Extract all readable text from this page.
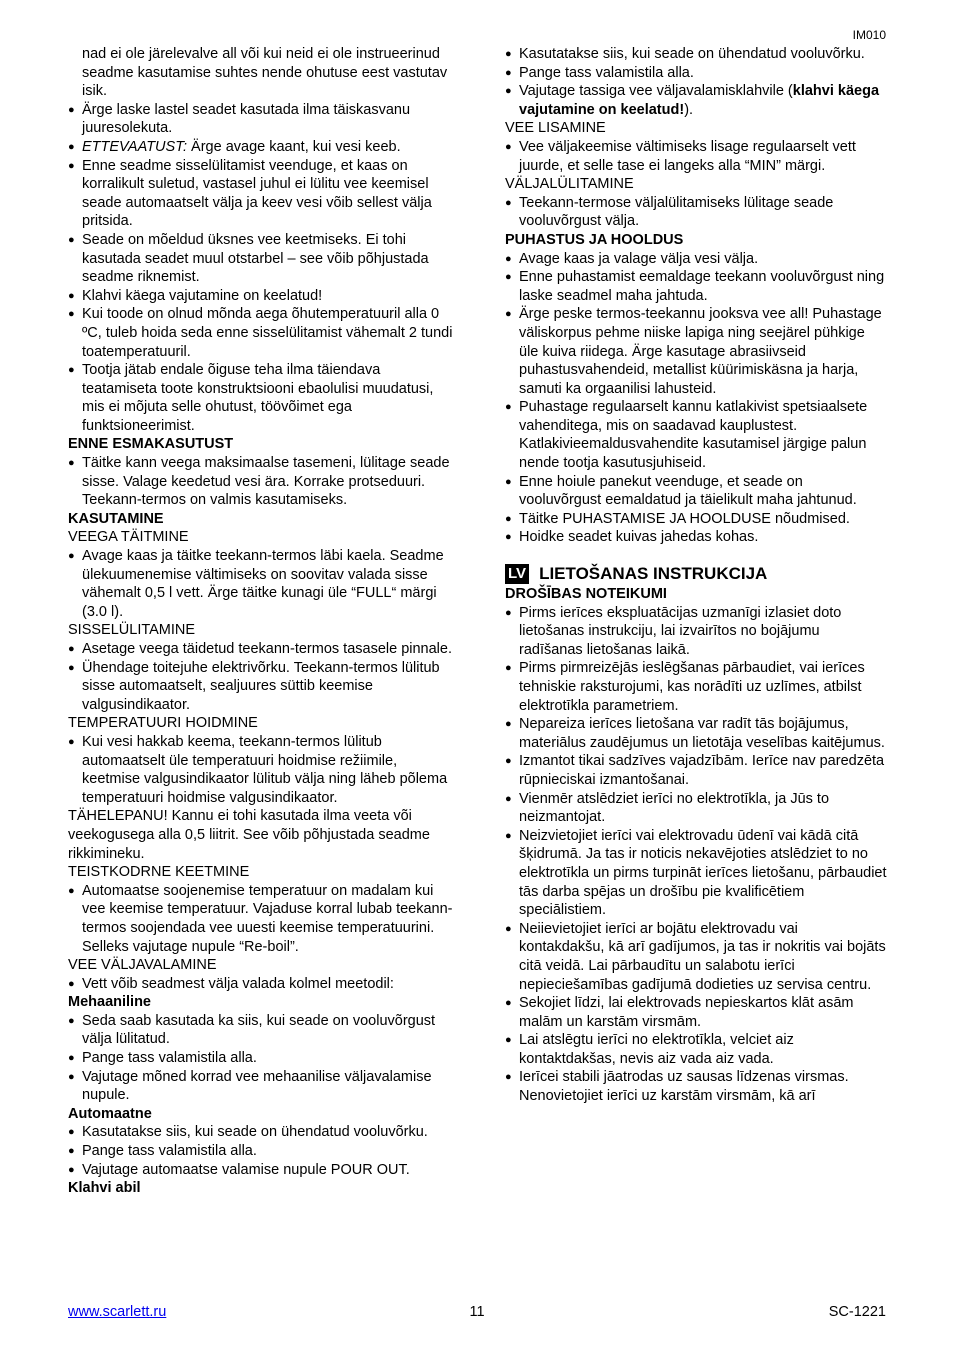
IM010
nad ei ole järelevalve all või kui neid ei ole instrueerinud seadme kasutamise suhtes nende ohutuse eest vastutav isik.
● Ärge laske lastel seadet kasutada ilma täiskasvanu juuresolekuta.
● ETTEVAATUST: Ärge avage kaant, kui vesi keeb.
● Enne seadme sisselülitamist veenduge, et kaas on korralikult suletud, vastasel juhul ei lülitu vee keemisel seade automaatselt välja ja keev vesi võib sellest välja pritsida.
● Seade on mõeldud üksnes vee keetmiseks. Ei tohi kasutada seadet muul otstarbel – see võib põhjustada seadme riknemist.
● Klahvi käega vajutamine on keelatud!
● Kui toode on olnud mõnda aega õhutemperatuuril alla 0 ºC, tuleb hoida seda enne sisselülitamist vähemalt 2 tundi toatemperatuuril.
● Tootja jätab endale õiguse teha ilma täiendava teatamiseta toote konstruktsiooni ebaolulisi muudatusi, mis ei mõjuta selle ohutust, töövõimet ega funktsioneerimist.

ENNE ESMAKASUTUST

● Täitke kann veega maksimaalse tasemeni, lülitage seade sisse. Valage keedetud vesi ära. Korrake protseduuri. Teekann-termos on valmis kasutamiseks.

KASUTAMINE

VEEGA TÄITMINE

● Avage kaas ja täitke teekann-termos läbi kaela. Seadme ülekuumenemise vältimiseks on soovitav valada sisse vähemalt 0,5 l vett. Ärge täitke kunagi üle “FULL“ märgi (3.0 l).

SISSELÜLITAMINE

● Asetage veega täidetud teekann-termos tasasele pinnale.
● Ühendage toitejuhe elektrivõrku. Teekann-termos lülitub sisse automaatselt, sealjuures süttib keemise valgusindikaator.

TEMPERATUURI HOIDMINE

● Kui vesi hakkab keema, teekann-termos lülitub automaatselt üle temperatuuri hoidmise režiimile, keetmise valgusindikaator lülitub välja ning läheb põlema temperatuuri hoidmise valgusindikaator.

TÄHELEPANU! Kannu ei tohi kasutada ilma veeta või veekogusega alla 0,5 liitrit. See võib põhjustada seadme rikkimineku.

TEISTKODRNE KEETMINE

● Automaatse soojenemise temperatuur on madalam kui vee keemise temperatuur. Vajaduse korral lubab teekann-termos soojendada vee uuesti keemise temperatuurini. Selleks vajutage nupule “Re-boil”.

VEE VÄLJAVALAMINE

● Vett võib seadmest välja valada kolmel meetodil:

Mehaaniline

● Seda saab kasutada ka siis, kui seade on vooluvõrgust välja lülitatud.
● Pange tass valamistila alla.
● Vajutage mõned korrad vee mehaanilise väljavalamise nupule.

Automaatne

● Kasutatakse siis, kui seade on ühendatud vooluvõrku.
● Pange tass valamistila alla.
● Vajutage automaatse valamise nupule POUR OUT.

Klahvi abil

● Kasutatakse siis, kui seade on ühendatud vooluvõrku.
● Pange tass valamistila alla.
● Vajutage tassiga vee väljavalamisklahvile (klahvi käega vajutamine on keelatud!).

VEE LISAMINE

● Vee väljakeemise vältimiseks lisage regulaarselt vett juurde, et selle tase ei langeks alla “MIN” märgi.

VÄLJALÜLITAMINE

● Teekann-termose väljalülitamiseks lülitage seade vooluvõrgust välja.

PUHASTUS JA HOOLDUS

● Avage kaas ja valage välja vesi välja.
● Enne puhastamist eemaldage teekann vooluvõrgust ning laske seadmel maha jahtuda.
● Ärge peske termos-teekannu jooksva vee all! Puhastage väliskorpus pehme niiske lapiga ning seejärel pühkige üle kuiva riidega. Ärge kasutage abrasiivseid puhastusvahendeid, metallist küürimiskäsna ja harja, samuti ka orgaanilisi lahusteid.
● Puhastage regulaarselt kannu katlakivist spetsiaalsete vahenditega, mis on saadavad kauplustest. Katlakivieemaldusvahendite kasutamisel järgige palun nende tootja kasutusjuhiseid.
● Enne hoiule panekut veenduge, et seade on vooluvõrgust eemaldatud ja täielikult maha jahtunud.
● Täitke PUHASTAMISE JA HOOLDUSE nõudmised.
● Hoidke seadet kuivas jahedas kohas.
LV LIETOŠANAS INSTRUKCIJA

DROŠĪBAS NOTEIKUMI

● Pirms ierīces ekspluatācijas uzmanīgi izlasiet doto lietošanas instrukciju, lai izvairītos no bojājumu radīšanas lietošanas laikā.
● Pirms pirmreizējās ieslēgšanas pārbaudiet, vai ierīces tehniskie raksturojumi, kas norādīti uz uzlīmes, atbilst elektrotīkla parametriem.
● Nepareiza ierīces lietošana var radīt tās bojājumus, materiālus zaudējumus un lietotāja veselības kaitējumus.
● Izmantot tikai sadzīves vajadzībām. Ierīce nav paredzēta rūpnieciskai izmantošanai.
● Vienmēr atslēdziet ierīci no elektrotīkla, ja Jūs to neizmantojat.
● Neizvietojiet ierīci vai elektrovadu ūdenī vai kādā citā šķidrumā. Ja tas ir noticis nekavējoties atslēdziet to no elektrotīkla un pirms turpināt ierīces lietošanu, pārbaudiet tās darba spējas un drošību pie kvalificētiem speciālistiem.
● Neiievietojiet ierīci ar bojātu elektrovadu vai kontakdakšu, kā arī gadījumos, ja tas ir nokritis vai bojāts citā veidā. Lai pārbaudītu un salabotu ierīci nepieciešamības gadījumā dodieties uz servisa centru.
● Sekojiet līdzi, lai elektrovads nepieskartos klāt asām malām un karstām virsmām.
● Lai atslēgtu ierīci no elektrotīkla, velciet aiz kontaktdakšas, nevis aiz vada aiz vada.
● Ierīcei stabili jāatrodas uz sausas līdzenas virsmas. Nenovietojiet ierīci uz karstām virsmām, kā arī
11
www.scarlett.ru	SC-1221
